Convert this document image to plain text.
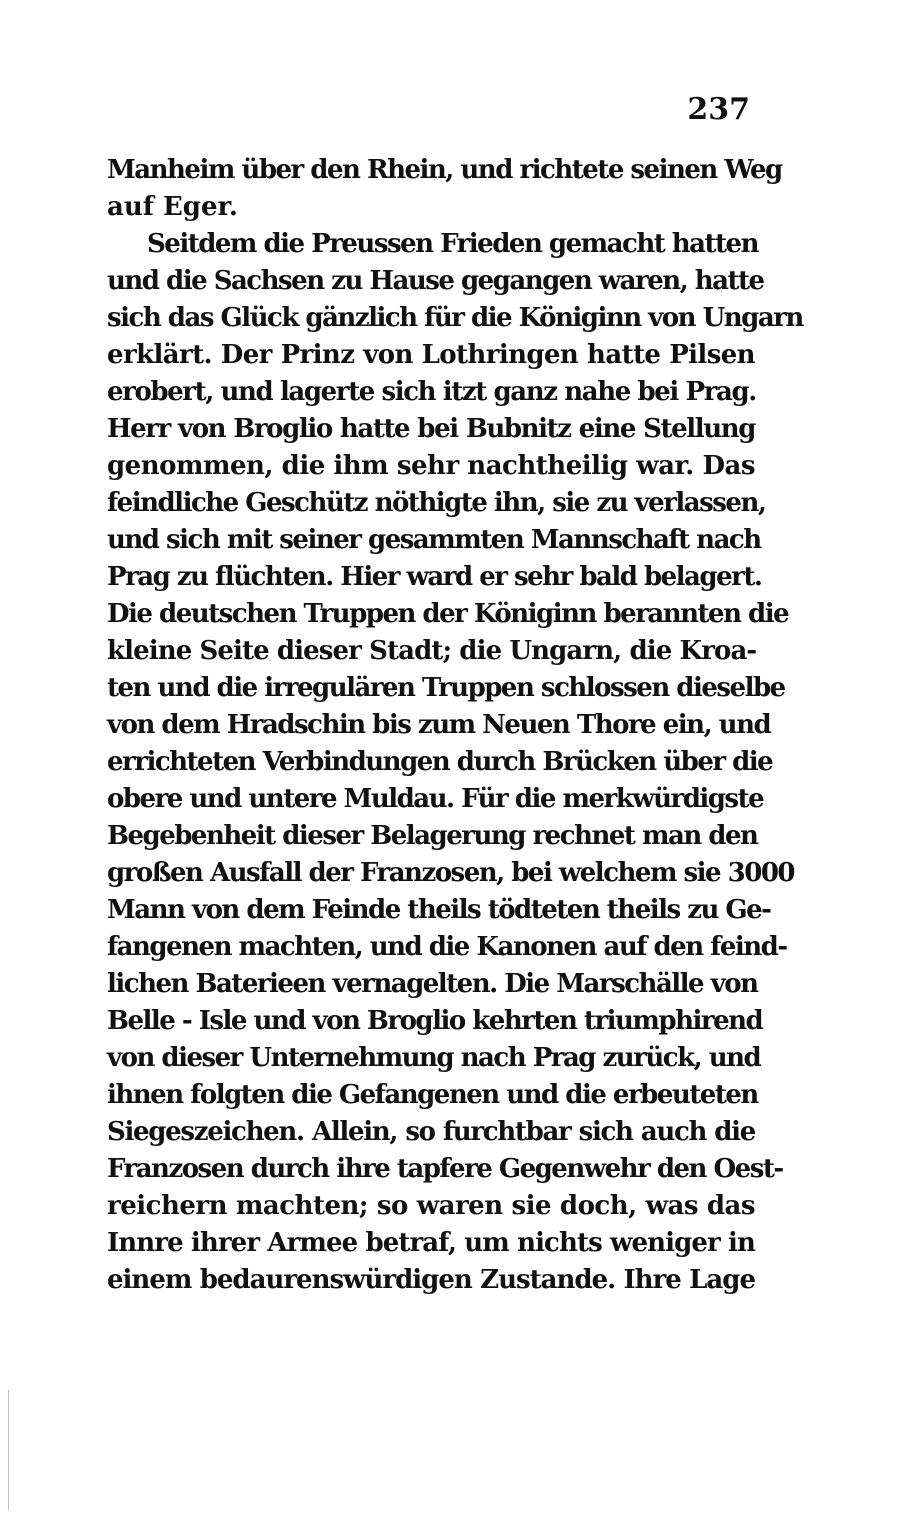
237
Manheim über den Rhein, und richtete seinen Weg
auf Eger.
Seitdem die Preussen Frieden gemacht hatten
und die Sachsen zu Hause gegangen waren, hatte
sich das Glück gänzlich für die Königinn von Ungarn
erklärt. Der Prinz von Lothringen hatte Pilsen
erobert, und lagerte sich itzt ganz nahe bei Prag.
Herr von Broglio hatte bei Bubnitz eine Stellung
genommen, die ihm sehr nachtheilig war. Das
feindliche Geschütz nöthigte ihn, sie zu verlassen,
und sich mit seiner gesammten Mannschaft nach
Prag zu flüchten. Hier ward er sehr bald belagert.
Die deutschen Truppen der Königinn berannten die
kleine Seite dieser Stadt; die Ungarn, die Kroa-
ten und die irregulären Truppen schlossen dieselbe
von dem Hradschin bis zum Neuen Thore ein, und
errichteten Verbindungen durch Brücken über die
obere und untere Muldau. Für die merkwürdigste
Begebenheit dieser Belagerung rechnet man den
großen Ausfall der Franzosen, bei welchem sie 3000
Mann von dem Feinde theils tödteten theils zu Ge-
fangenen machten, und die Kanonen auf den feind-
lichen Baterieen vernagelten. Die Marschälle von
Belle - Isle und von Broglio kehrten triumphirend
von dieser Unternehmung nach Prag zurück, und
ihnen folgten die Gefangenen und die erbeuteten
Siegeszeichen. Allein, so furchtbar sich auch die
Franzosen durch ihre tapfere Gegenwehr den Oest-
reichern machten; so waren sie doch, was das
Innre ihrer Armee betraf, um nichts weniger in
einem bedaurenswürdigen Zustande. Ihre Lage
